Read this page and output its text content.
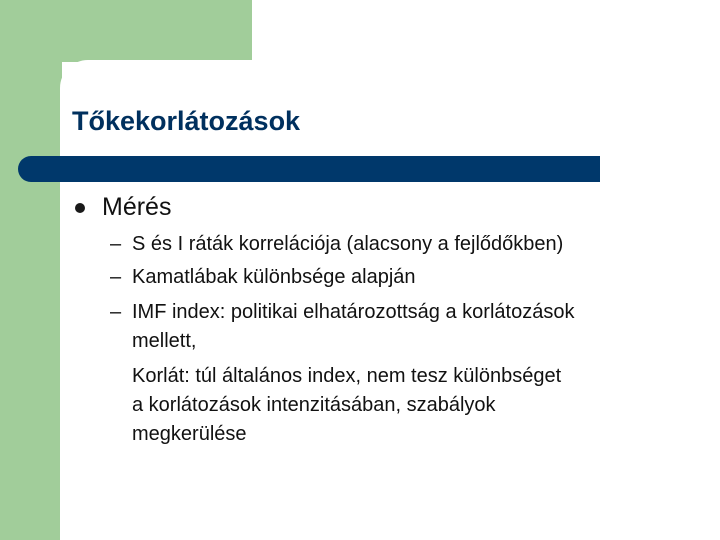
Tőkekorlátozások
Mérés
– S és I ráták korrelációja (alacsony a fejlődőkben)
– Kamatlábak különbsége alapján
– IMF index: politikai elhatározottság a korlátozások
mellett,
Korlát: túl általános index, nem tesz különbséget
a korlátozások intenzitásában, szabályok
megkerülése
